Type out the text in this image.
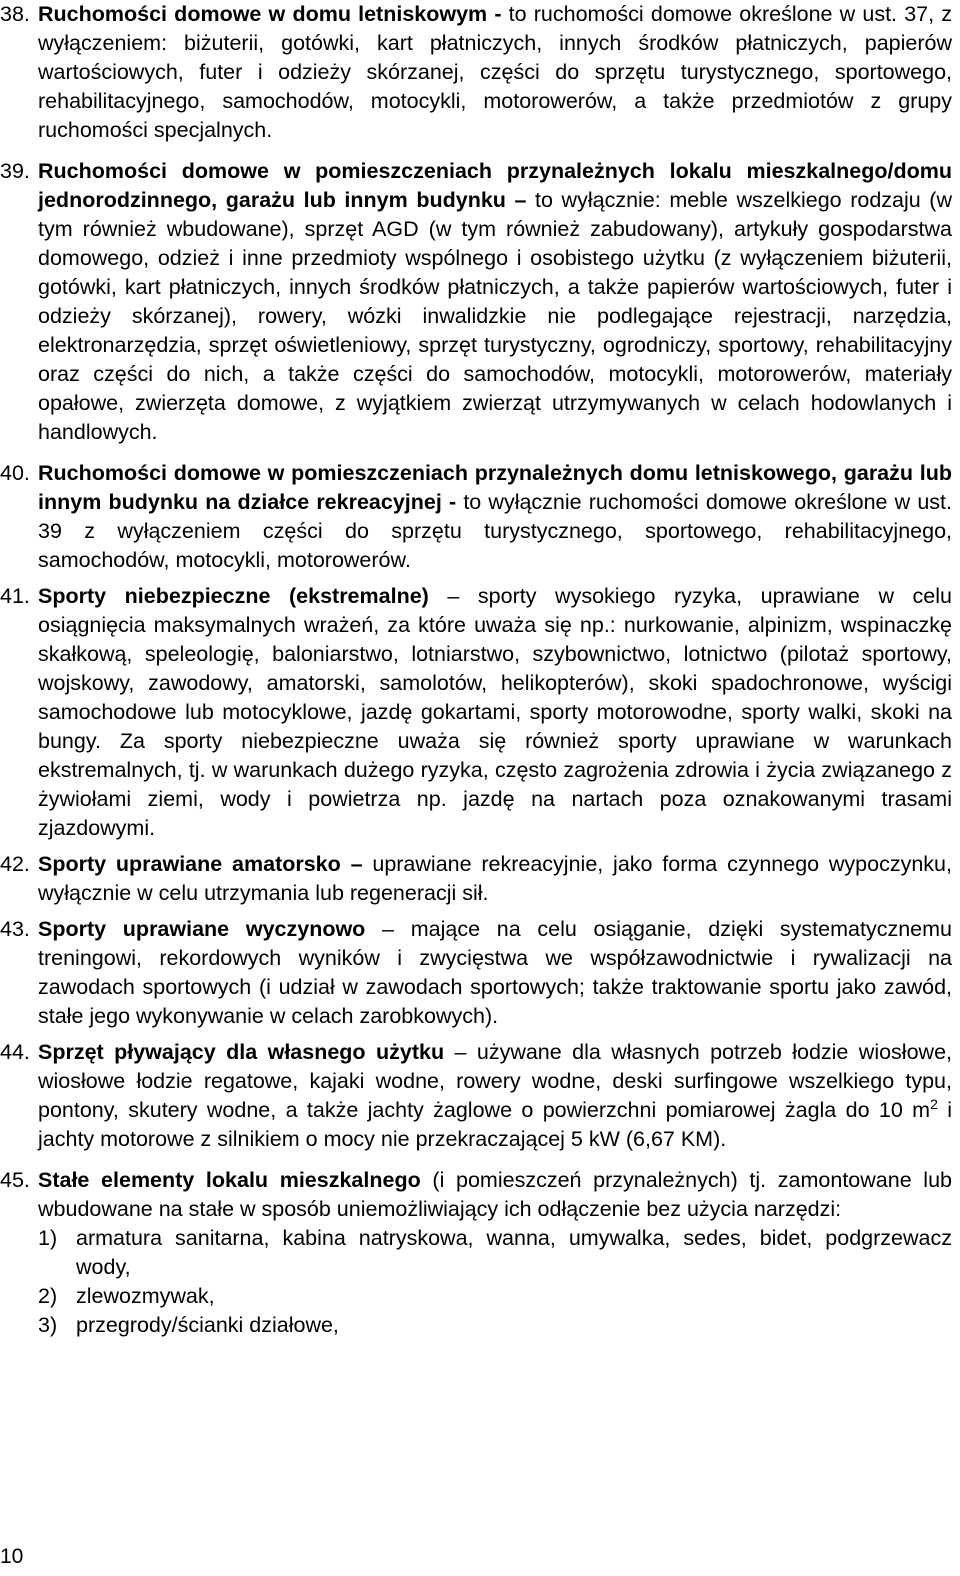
38. Ruchomości domowe w domu letniskowym - to ruchomości domowe określone w ust. 37, z wyłączeniem: biżuterii, gotówki, kart płatniczych, innych środków płatniczych, papierów wartościowych, futer i odzieży skórzanej, części do sprzętu turystycznego, sportowego, rehabilitacyjnego, samochodów, motocykli, motorowerów, a także przedmiotów z grupy ruchomości specjalnych.
39. Ruchomości domowe w pomieszczeniach przynależnych lokalu mieszkalnego/domu jednorodzinnego, garażu lub innym budynku – to wyłącznie: meble wszelkiego rodzaju (w tym również wbudowane), sprzęt AGD (w tym również zabudowany), artykuły gospodarstwa domowego, odzież i inne przedmioty wspólnego i osobistego użytku (z wyłączeniem biżuterii, gotówki, kart płatniczych, innych środków płatniczych, a także papierów wartościowych, futer i odzieży skórzanej), rowery, wózki inwalidzkie nie podlegające rejestracji, narzędzia, elektronarzędzia, sprzęt oświetleniowy, sprzęt turystyczny, ogrodniczy, sportowy, rehabilitacyjny oraz części do nich, a także części do samochodów, motocykli, motorowerów, materiały opałowe, zwierzęta domowe, z wyjątkiem zwierząt utrzymywanych w celach hodowlanych i handlowych.
40. Ruchomości domowe w pomieszczeniach przynależnych domu letniskowego, garażu lub innym budynku na działce rekreacyjnej - to wyłącznie ruchomości domowe określone w ust. 39 z wyłączeniem części do sprzętu turystycznego, sportowego, rehabilitacyjnego, samochodów, motocykli, motorowerów.
41. Sporty niebezpieczne (ekstremalne) – sporty wysokiego ryzyka, uprawiane w celu osiągnięcia maksymalnych wrażeń, za które uważa się np.: nurkowanie, alpinizm, wspinaczkę skałkową, speleologię, baloniarstwo, lotniarstwo, szybownictwo, lotnictwo (pilotaż sportowy, wojskowy, zawodowy, amatorski, samolotów, helikopterów), skoki spadochronowe, wyścigi samochodowe lub motocyklowe, jazdę gokartami, sporty motorowodne, sporty walki, skoki na bungy. Za sporty niebezpieczne uważa się również sporty uprawiane w warunkach ekstremalnych, tj. w warunkach dużego ryzyka, często zagrożenia zdrowia i życia związanego z żywiołami ziemi, wody i powietrza np. jazdę na nartach poza oznakowanymi trasami zjazdowymi.
42. Sporty uprawiane amatorsko – uprawiane rekreacyjnie, jako forma czynnego wypoczynku, wyłącznie w celu utrzymania lub regeneracji sił.
43. Sporty uprawiane wyczynowo – mające na celu osiąganie, dzięki systematycznemu treningowi, rekordowych wyników i zwycięstwa we współzawodnictwie i rywalizacji na zawodach sportowych (i udział w zawodach sportowych; także traktowanie sportu jako zawód, stałe jego wykonywanie w celach zarobkowych).
44. Sprzęt pływający dla własnego użytku – używane dla własnych potrzeb łodzie wiosłowe, wiosłowe łodzie regatowe, kajaki wodne, rowery wodne, deski surfingowe wszelkiego typu, pontony, skutery wodne, a także jachty żaglowe o powierzchni pomiarowej żagla do 10 $m^2$ i jachty motorowe z silnikiem o mocy nie przekraczającej 5 kW (6,67 KM).
45. Stałe elementy lokalu mieszkalnego (i pomieszczeń przynależnych) tj. zamontowane lub wbudowane na stałe w sposób uniemożliwiający ich odłączenie bez użycia narzędzi:
1) armatura sanitarna, kabina natryskowa, wanna, umywalka, sedes, bidet, podgrzewacz wody,
2) zlewozmywak,
3) przegrody/ścianki działowe,
10
